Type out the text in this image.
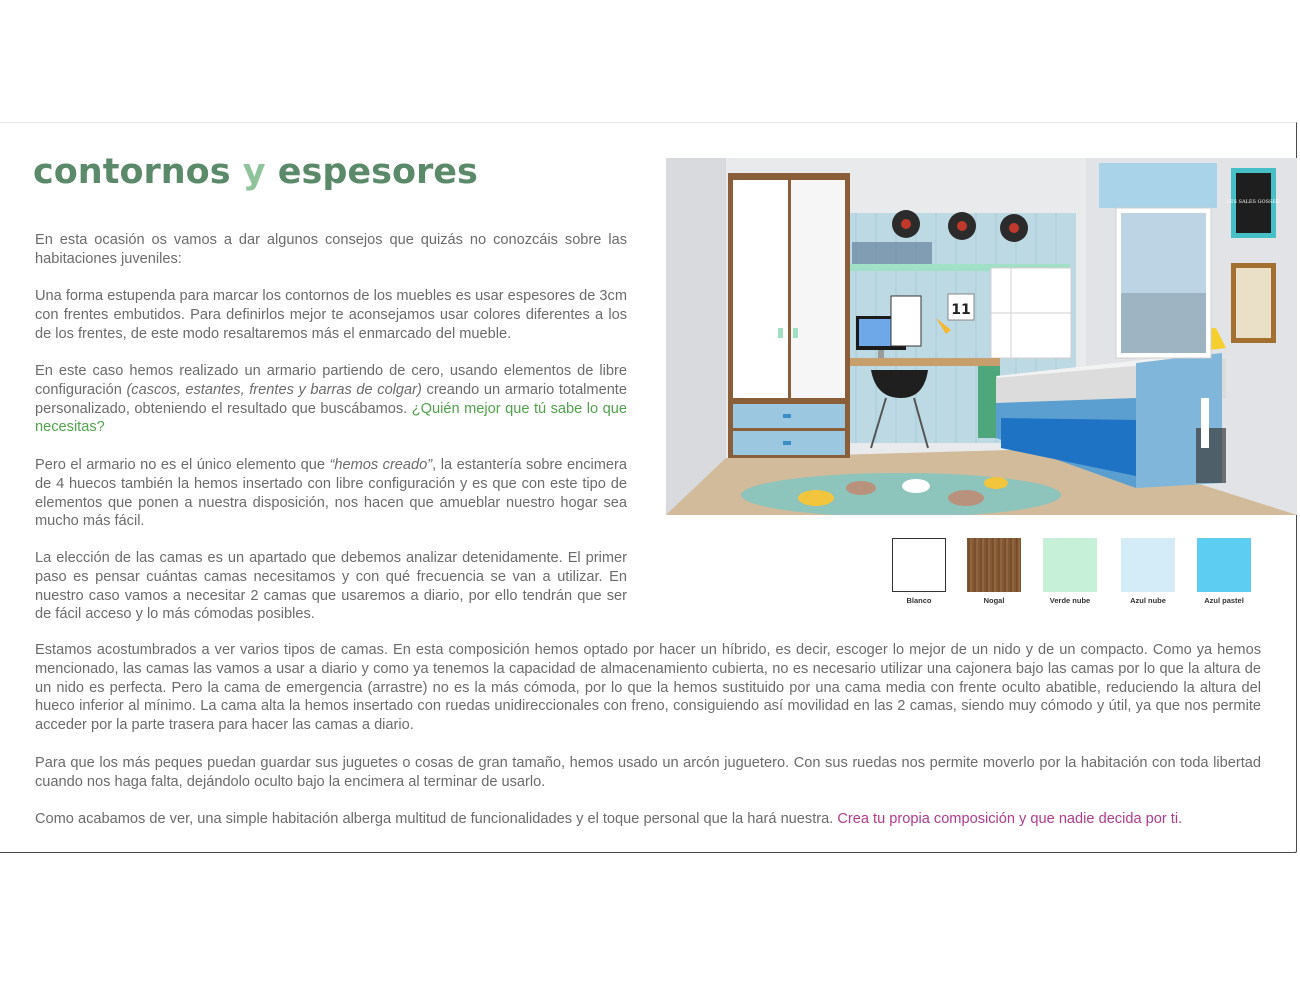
contornos y espesores

En esta ocasión os vamos a dar algunos consejos que quizás no conozcáis sobre las habitaciones juveniles:

Una forma estupenda para marcar los contornos de los muebles es usar espesores de 3cm con frentes embutidos. Para definirlos mejor te aconsejamos usar colores diferentes a los de los frentes, de este modo resaltaremos más el enmarcado del mueble.

En este caso hemos realizado un armario partiendo de cero, usando elementos de libre configuración (cascos, estantes, frentes y barras de colgar) creando un armario totalmente personalizado, obteniendo el resultado que buscábamos. ¿Quién mejor que tú sabe lo que necesitas?

Pero el armario no es el único elemento que “hemos creado”, la estantería sobre encimera de 4 huecos también la hemos insertado con libre configuración y es que con este tipo de elementos que ponen a nuestra disposición, nos hacen que amueblar nuestro hogar sea mucho más fácil.

La elección de las camas es un apartado que debemos analizar detenidamente. El primer paso es pensar cuántas camas necesitamos y con qué frecuencia se van a utilizar. En nuestro caso vamos a necesitar 2 camas que usaremos a diario, por ello tendrán que ser de fácil acceso y lo más cómodas posibles.

Estamos acostumbrados a ver varios tipos de camas. En esta composición hemos optado por hacer un híbrido, es decir, escoger lo mejor de un nido y de un compacto. Como ya hemos mencionado, las camas las vamos a usar a diario y como ya tenemos la capacidad de almacenamiento cubierta, no es necesario utilizar una cajonera bajo las camas por lo que la altura de un nido es perfecta. Pero la cama de emergencia (arrastre) no es la más cómoda, por lo que la hemos sustituido por una cama media con frente oculto abatible, reduciendo la altura del hueco inferior al mínimo. La cama alta la hemos insertado con ruedas unidireccionales con freno, consiguiendo así movilidad en las 2 camas, siendo muy cómodo y útil, ya que nos permite acceder por la parte trasera para hacer las camas a diario.

Para que los más peques puedan guardar sus juguetes o cosas de gran tamaño, hemos usado un arcón juguetero. Con sus ruedas nos permite moverlo por la habitación con toda libertad cuando nos haga falta, dejándolo oculto bajo la encimera al terminar de usarlo.

Como acabamos de ver, una simple habitación alberga multitud de funcionalidades y el toque personal que la hará nuestra. Crea tu propia composición y que nadie decida por ti.

11
LES SALES GOSSES
Blanco	Nogal	Verde nube	Azul nube	Azul pastel
